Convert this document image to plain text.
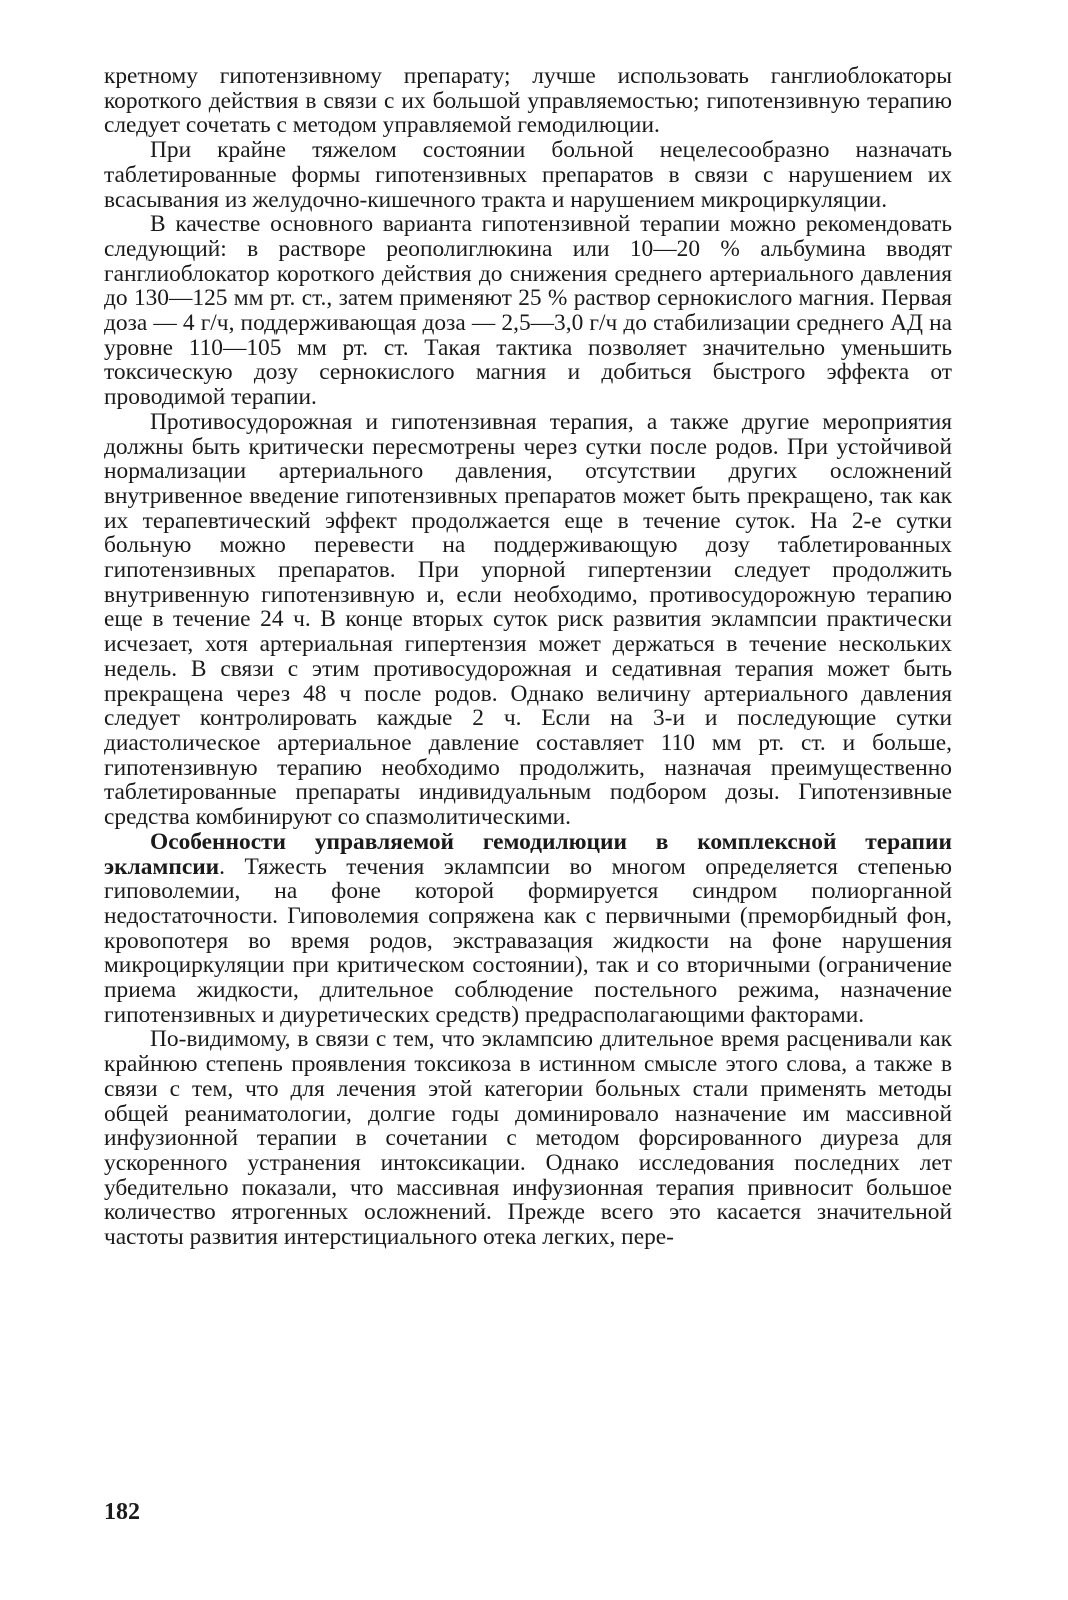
кретному гипотензивному препарату; лучше использовать ганглиоблокаторы короткого действия в связи с их большой управляемостью; гипотензивную терапию следует сочетать с методом управляемой гемодилюции.

При крайне тяжелом состоянии больной нецелесообразно назначать таблетированные формы гипотензивных препаратов в связи с нарушением их всасывания из желудочно-кишечного тракта и нарушением микроциркуляции.

В качестве основного варианта гипотензивной терапии можно рекомендовать следующий: в растворе реополиглюкина или 10—20 % альбумина вводят ганглиоблокатор короткого действия до снижения среднего артериального давления до 130—125 мм рт. ст., затем применяют 25 % раствор сернокислого магния. Первая доза — 4 г/ч, поддерживающая доза — 2,5—3,0 г/ч до стабилизации среднего АД на уровне 110—105 мм рт. ст. Такая тактика позволяет значительно уменьшить токсическую дозу сернокислого магния и добиться быстрого эффекта от проводимой терапии.

Противосудорожная и гипотензивная терапия, а также другие мероприятия должны быть критически пересмотрены через сутки после родов. При устойчивой нормализации артериального давления, отсутствии других осложнений внутривенное введение гипотензивных препаратов может быть прекращено, так как их терапевтический эффект продолжается еще в течение суток. На 2-е сутки больную можно перевести на поддерживающую дозу таблетированных гипотензивных препаратов. При упорной гипертензии следует продолжить внутривенную гипотензивную и, если необходимо, противосудорожную терапию еще в течение 24 ч. В конце вторых суток риск развития эклампсии практически исчезает, хотя артериальная гипертензия может держаться в течение нескольких недель. В связи с этим противосудорожная и седативная терапия может быть прекращена через 48 ч после родов. Однако величину артериального давления следует контролировать каждые 2 ч. Если на 3-и и последующие сутки диастолическое артериальное давление составляет 110 мм рт. ст. и больше, гипотензивную терапию необходимо продолжить, назначая преимущественно таблетированные препараты индивидуальным подбором дозы. Гипотензивные средства комбинируют со спазмолитическими.

Особенности управляемой гемодилюции в комплексной терапии эклампсии. Тяжесть течения эклампсии во многом определяется степенью гиповолемии, на фоне которой формируется синдром полиорганной недостаточности. Гиповолемия сопряжена как с первичными (преморбидный фон, кровопотеря во время родов, экстравазация жидкости на фоне нарушения микроциркуляции при критическом состоянии), так и со вторичными (ограничение приема жидкости, длительное соблюдение постельного режима, назначение гипотензивных и диуретических средств) предрасполагающими факторами.

По-видимому, в связи с тем, что эклампсию длительное время расценивали как крайнюю степень проявления токсикоза в истинном смысле этого слова, а также в связи с тем, что для лечения этой категории больных стали применять методы общей реаниматологии, долгие годы доминировало назначение им массивной инфузионной терапии в сочетании с методом форсированного диуреза для ускоренного устранения интоксикации. Однако исследования последних лет убедительно показали, что массивная инфузионная терапия привносит большое количество ятрогенных осложнений. Прежде всего это касается значительной частоты развития интерстициального отека легких, пере-

182
